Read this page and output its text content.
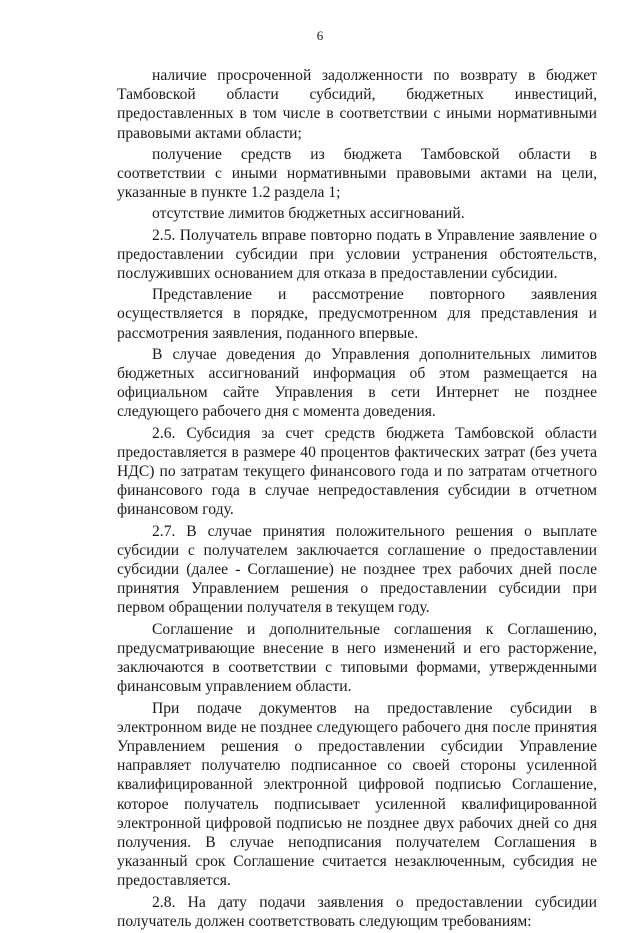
6

наличие просроченной задолженности по возврату в бюджет Тамбовской области субсидий, бюджетных инвестиций, предоставленных в том числе в соответствии с иными нормативными правовыми актами области;

получение средств из бюджета Тамбовской области в соответствии с иными нормативными правовыми актами на цели, указанные в пункте 1.2 раздела 1;

отсутствие лимитов бюджетных ассигнований.

2.5. Получатель вправе повторно подать в Управление заявление о предоставлении субсидии при условии устранения обстоятельств, послуживших основанием для отказа в предоставлении субсидии.

Представление и рассмотрение повторного заявления осуществляется в порядке, предусмотренном для представления и рассмотрения заявления, поданного впервые.

В случае доведения до Управления дополнительных лимитов бюджетных ассигнований информация об этом размещается на официальном сайте Управления в сети Интернет не позднее следующего рабочего дня с момента доведения.

2.6. Субсидия за счет средств бюджета Тамбовской области предоставляется в размере 40 процентов фактических затрат (без учета НДС) по затратам текущего финансового года и по затратам отчетного финансового года в случае непредоставления субсидии в отчетном финансовом году.

2.7. В случае принятия положительного решения о выплате субсидии с получателем заключается соглашение о предоставлении субсидии (далее - Соглашение) не позднее трех рабочих дней после принятия Управлением решения о предоставлении субсидии при первом обращении получателя в текущем году.

Соглашение и дополнительные соглашения к Соглашению, предусматривающие внесение в него изменений и его расторжение, заключаются в соответствии с типовыми формами, утвержденными финансовым управлением области.

При подаче документов на предоставление субсидии в электронном виде не позднее следующего рабочего дня после принятия Управлением решения о предоставлении субсидии Управление направляет получателю подписанное со своей стороны усиленной квалифицированной электронной цифровой подписью Соглашение, которое получатель подписывает усиленной квалифицированной электронной цифровой подписью не позднее двух рабочих дней со дня получения. В случае неподписания получателем Соглашения в указанный срок Соглашение считается незаключенным, субсидия не предоставляется.

2.8. На дату подачи заявления о предоставлении субсидии получатель должен соответствовать следующим требованиям:
